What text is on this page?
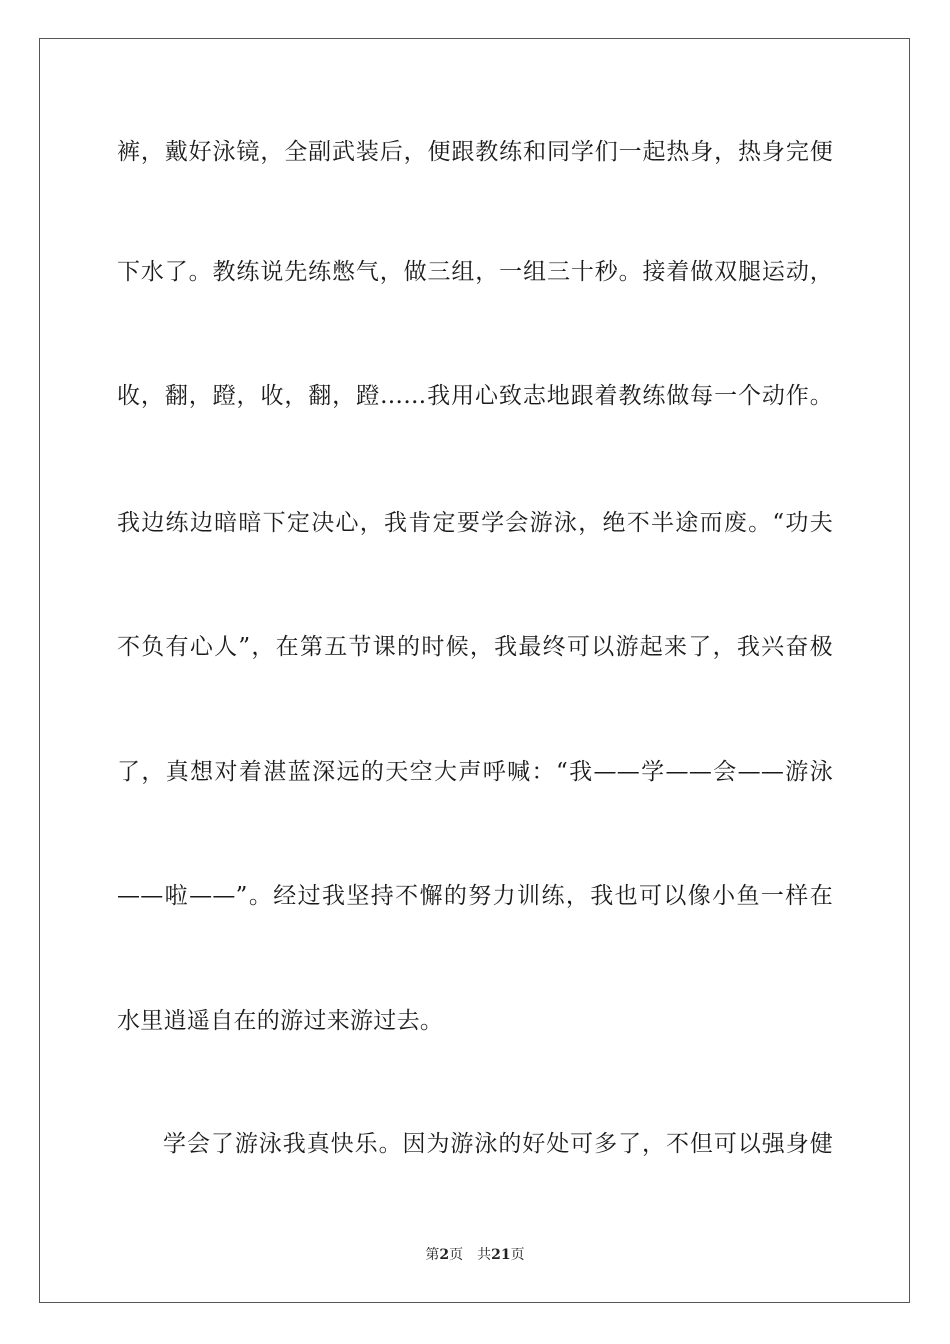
裤，戴好泳镜，全副武装后，便跟教练和同学们一起热身，热身完便
下水了。教练说先练憋气，做三组，一组三十秒。接着做双腿运动，
收，翻，蹬，收，翻，蹬……我用心致志地跟着教练做每一个动作。
我边练边暗暗下定决心，我肯定要学会游泳，绝不半途而废。“功夫
不负有心人”，在第五节课的时候，我最终可以游起来了，我兴奋极
了，真想对着湛蓝深远的天空大声呼喊：“我——学——会——游泳
——啦——”。经过我坚持不懈的努力训练，我也可以像小鱼一样在
水里逍遥自在的游过来游过去。
学会了游泳我真快乐。因为游泳的好处可多了，不但可以强身健
第2页 共21页
